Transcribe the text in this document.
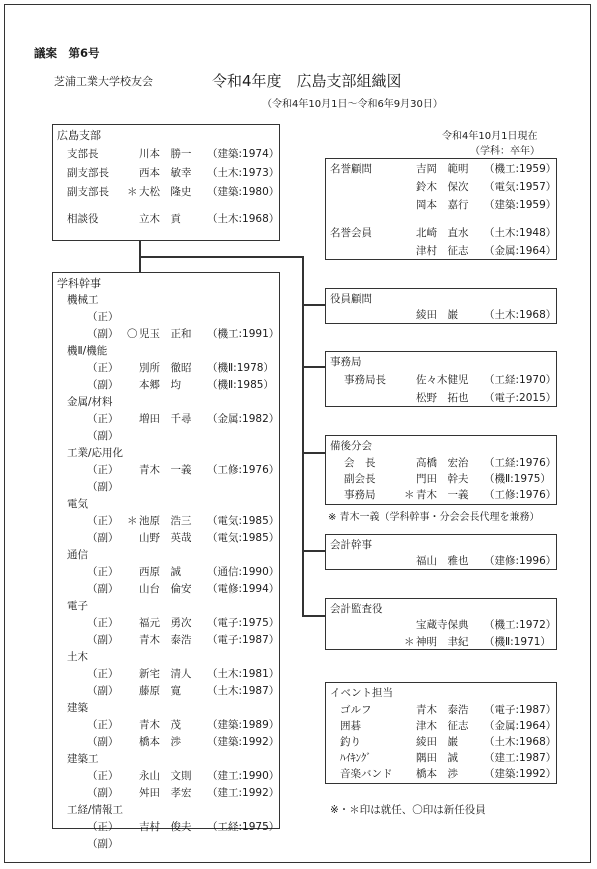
議案　第6号
芝浦工業大学校友会	令和4年度　広島支部組織図
（令和4年10月1日～令和6年9月30日）
令和4年10月1日現在
（学科：卒年）
広島支部
支部長	川本　勝一 （建築:1974）
副支部長	西本　敏幸 （土木:1973）
副支部長 ＊ 大松　隆史 （建築:1980）
相談役	立木　貢 （土木:1968）
名誉顧問	吉岡　範明 （機工:1959）
鈴木　保次 （電気:1957）
岡本　嘉行 （建築:1959）
名誉会員	北崎　直水 （土木:1948）
津村　征志 （金属:1964）
役員顧問
綾田　巌 （土木:1968）
事務局
事務局長	佐々木健児 （工経:1970）
松野　拓也 （電子:2015）
備後分会
会　長	高橋　宏治 （工経:1976）
副会長	門田　幹夫 （機Ⅱ:1975）
事務局	＊ 青木　一義 （工修:1976）
※ 青木一義（学科幹事・分会会長代理を兼務）
会計幹事
福山　雅也 （建修:1996）
会計監査役
宝蔵寺保典 （機工:1972）
＊ 神明　聿紀 （機Ⅱ:1971）
イベント担当
ゴルフ	青木　泰浩 （電子:1987）
囲碁	津木　征志 （金属:1964）
釣り	綾田　巌 （土木:1968）
ﾊｲｷﾝｸﾞ	隅田　誠 （建工:1987）
音楽バンド 橋本　渉 （建築:1992）
※・＊印は就任、〇印は新任役員
学科幹事
機械工
（正）
（副） 〇 児玉　正和 （機工:1991）
機Ⅱ/機能
（正） 別所　徹昭 （機Ⅱ:1978）
（副） 本郷　均 （機Ⅱ:1985）
金属/材料
（正） 増田　千尋 （金属:1982）
（副）
工業/応用化
（正） 青木　一義 （工修:1976）
（副）
電気
（正） ＊ 池原　浩三 （電気:1985）
（副） 山野　英哉 （電気:1985）
通信
（正） 西原　誠 （通信:1990）
（副） 山台　倫安 （電修:1994）
電子
（正） 福元　勇次 （電子:1975）
（副） 青木　泰浩 （電子:1987）
土木
（正） 新宅　清人 （土木:1981）
（副） 藤原　寛 （土木:1987）
建築
（正） 青木　茂 （建築:1989）
（副） 橋本　渉 （建築:1992）
建築工
（正） 永山　文則 （建工:1990）
（副） 舛田　孝宏 （建工:1992）
工経/情報工
（正） 吉村　俊夫 （工経:1975）
（副）
